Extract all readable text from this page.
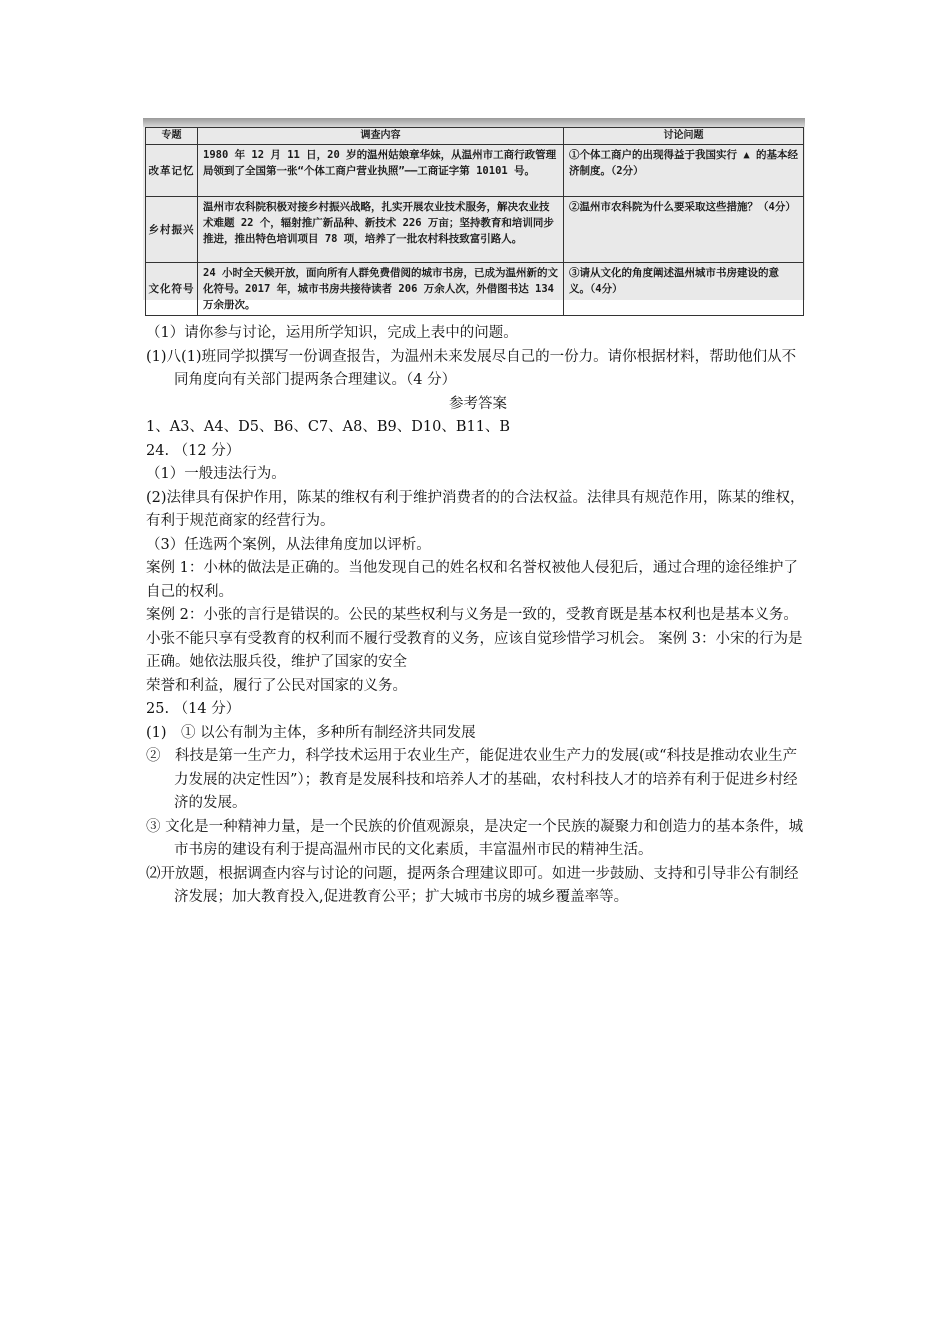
专题	调查内容	讨论问题
改革记忆	1980 年 12 月 11 日，20 岁的温州姑娘章华妹，从温州市工商行政管理局领到了全国第一张“个体工商户营业执照”——工商证字第 10101 号。	①个体工商户的出现得益于我国实行 ▲ 的基本经济制度。（2分）
乡村振兴	温州市农科院积极对接乡村振兴战略，扎实开展农业技术服务，解决农业技术难题 22 个，辐射推广新品种、新技术 226 万亩；坚持教育和培训同步推进，推出特色培训项目 78 项，培养了一批农村科技致富引路人。	②温州市农科院为什么要采取这些措施？（4分）
文化符号	24 小时全天候开放，面向所有人群免费借阅的城市书房，已成为温州新的文化符号。2017 年，城市书房共接待读者 206 万余人次，外借图书达 134 万余册次。	③请从文化的角度阐述温州城市书房建设的意义。（4分）

（1）请你参与讨论，运用所学知识，完成上表中的问题。

(1)八(1)班同学拟撰写一份调查报告，为温州未来发展尽自己的一份力。请你根据材料，帮助他们从不同角度向有关部门提两条合理建议。（4 分）

参考答案

1、A3、A4、D5、B6、C7、A8、B9、D10、B11、B

24. （12 分）

（1）一般违法行为。

(2)法律具有保护作用，陈某的维权有利于维护消费者的的合法权益。法律具有规范作用，陈某的维权，有利于规范商家的经营行为。

（3）任选两个案例，从法律角度加以评析。

案例 1：小林的做法是正确的。当他发现自己的姓名权和名誉权被他人侵犯后，通过合理的途径维护了自己的权利。

案例 2：小张的言行是错误的。公民的某些权利与义务是一致的，受教育既是基本权利也是基本义务。小张不能只享有受教育的权利而不履行受教育的义务，应该自觉珍惜学习机会。 案例 3：小宋的行为是正确。她依法服兵役，维护了国家的安全

荣誉和利益，履行了公民对国家的义务。

25. （14 分）

(1)　① 以公有制为主体，多种所有制经济共同发展

②　科技是第一生产力，科学技术运用于农业生产，能促进农业生产力的发展(或“科技是推动农业生产力发展的决定性因”）；教育是发展科技和培养人才的基础，农村科技人才的培养有利于促进乡村经济的发展。

③ 文化是一种精神力量，是一个民族的价值观源泉，是决定一个民族的凝聚力和创造力的基本条件，城市书房的建设有利于提高温州市民的文化素质，丰富温州市民的精神生活。

⑵开放题，根据调查内容与讨论的问题，提两条合理建议即可。如进一步鼓励、支持和引导非公有制经济发展；加大教育投入,促进教育公平；扩大城市书房的城乡覆盖率等。
